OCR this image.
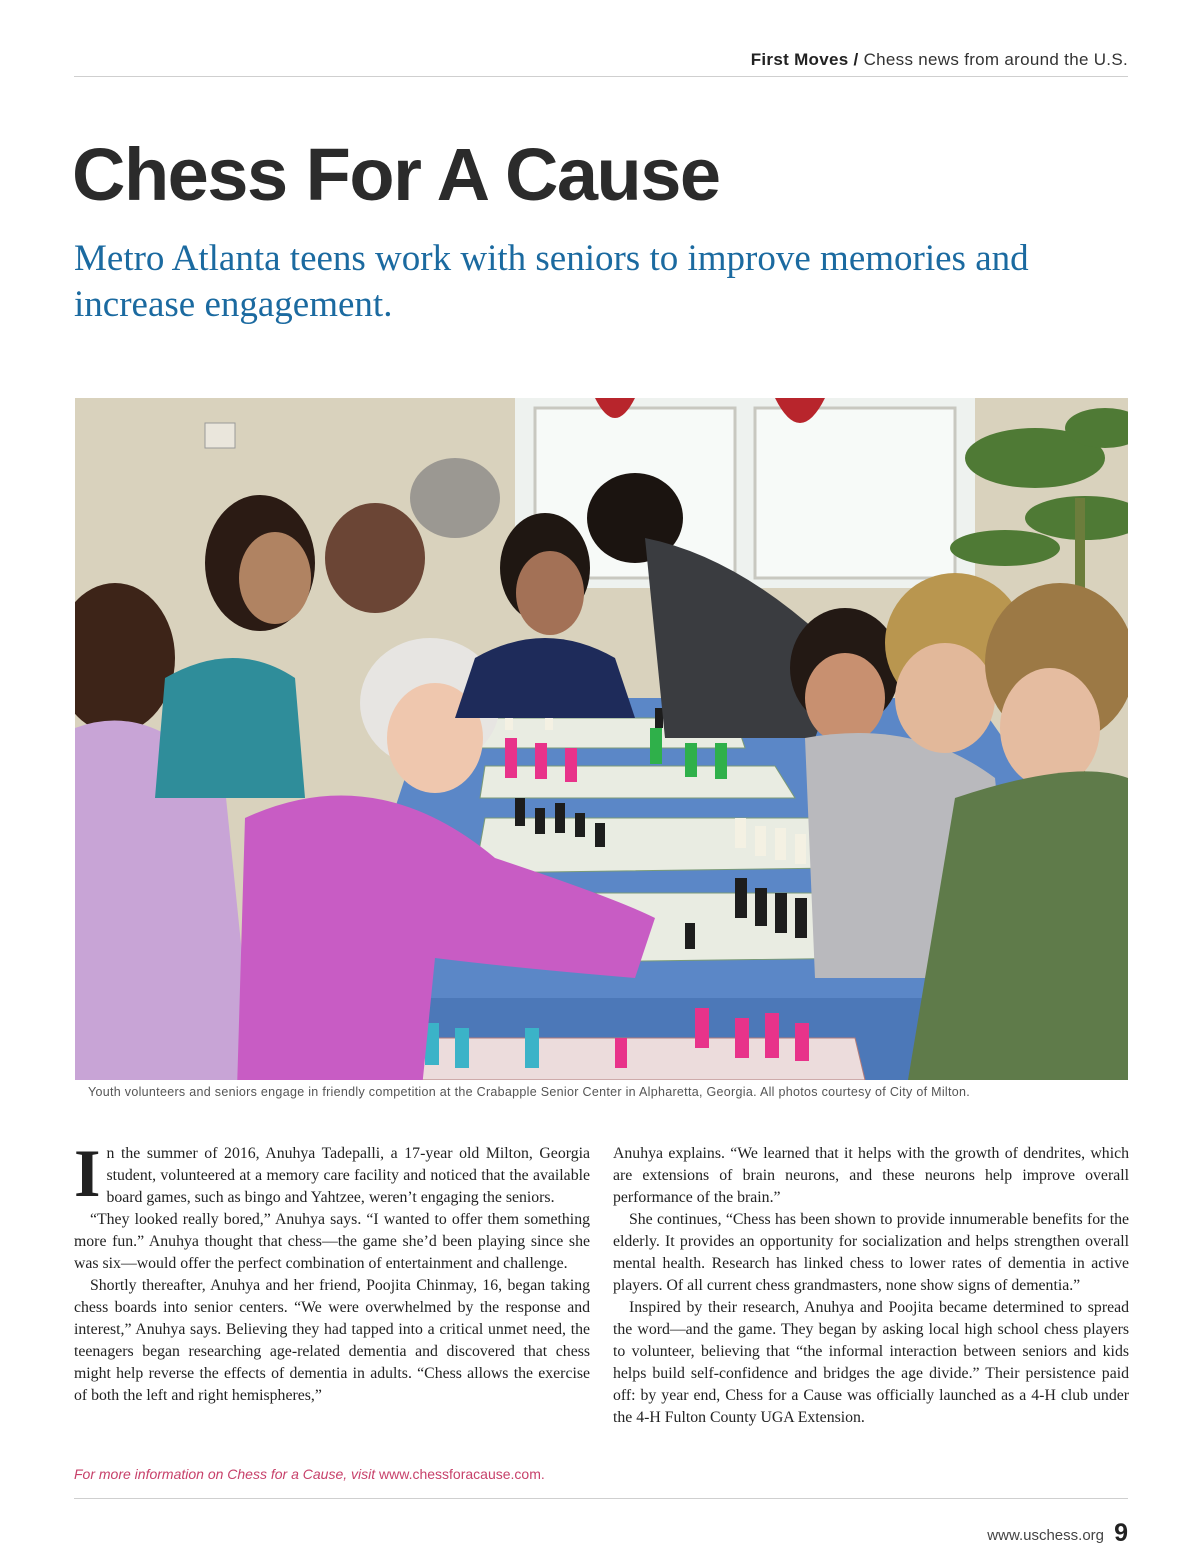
First Moves / Chess news from around the U.S.
Chess For A Cause
Metro Atlanta teens work with seniors to improve memories and increase engagement.
Youth volunteers and seniors engage in friendly competition at the Crabapple Senior Center in Alpharetta, Georgia. All photos courtesy of City of Milton.

In the summer of 2016, Anuhya Tadepalli, a 17-year old Milton, Georgia student, volunteered at a memory care facility and noticed that the available board games, such as bingo and Yahtzee, weren’t engaging the seniors.

“They looked really bored,” Anuhya says. “I wanted to offer them something more fun.” Anuhya thought that chess—the game she’d been playing since she was six—would offer the perfect combination of entertainment and challenge.

Shortly thereafter, Anuhya and her friend, Poojita Chinmay, 16, began taking chess boards into senior centers. “We were overwhelmed by the response and interest,” Anuhya says. Believing they had tapped into a critical unmet need, the teenagers began researching age-related dementia and discovered that chess might help reverse the effects of dementia in adults. “Chess allows the exercise of both the left and right hemispheres,”

Anuhya explains. “We learned that it helps with the growth of dendrites, which are extensions of brain neurons, and these neurons help improve overall performance of the brain.”

She continues, “Chess has been shown to provide innumerable benefits for the elderly. It provides an opportunity for socialization and helps strengthen overall mental health. Research has linked chess to lower rates of dementia in active players. Of all current chess grandmasters, none show signs of dementia.”

Inspired by their research, Anuhya and Poojita became determined to spread the word—and the game. They began by asking local high school chess players to volunteer, believing that “the informal interaction between seniors and kids helps build self-confidence and bridges the age divide.” Their persistence paid off: by year end, Chess for a Cause was officially launched as a 4-H club under the 4-H Fulton County UGA Extension.

For more information on Chess for a Cause, visit www.chessforacause.com.
www.uschess.org 9
